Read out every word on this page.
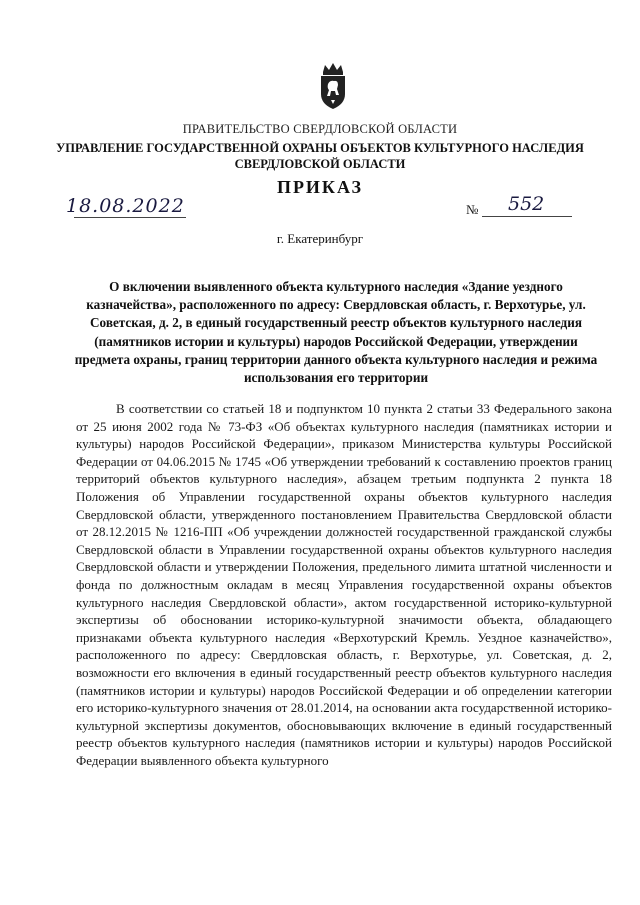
ПРАВИТЕЛЬСТВО СВЕРДЛОВСКОЙ ОБЛАСТИ
УПРАВЛЕНИЕ ГОСУДАРСТВЕННОЙ ОХРАНЫ ОБЪЕКТОВ КУЛЬТУРНОГО НАСЛЕДИЯ
СВЕРДЛОВСКОЙ ОБЛАСТИ
ПРИКАЗ
18.08.2022	№ 552
г. Екатеринбург
О включении выявленного объекта культурного наследия «Здание уездного казначейства», расположенного по адресу: Свердловская область, г. Верхотурье, ул. Советская, д. 2, в единый государственный реестр объектов культурного наследия (памятников истории и культуры) народов Российской Федерации, утверждении предмета охраны, границ территории данного объекта культурного наследия и режима использования его территории

В соответствии со статьей 18 и подпунктом 10 пункта 2 статьи 33 Федерального закона от 25 июня 2002 года № 73-ФЗ «Об объектах культурного наследия (памятниках истории и культуры) народов Российской Федерации», приказом Министерства культуры Российской Федерации от 04.06.2015 № 1745 «Об утверждении требований к составлению проектов границ территорий объектов культурного наследия», абзацем третьим подпункта 2 пункта 18 Положения об Управлении государственной охраны объектов культурного наследия Свердловской области, утвержденного постановлением Правительства Свердловской области от 28.12.2015 № 1216-ПП «Об учреждении должностей государственной гражданской службы Свердловской области в Управлении государственной охраны объектов культурного наследия Свердловской области и утверждении Положения, предельного лимита штатной численности и фонда по должностным окладам в месяц Управления государственной охраны объектов культурного наследия Свердловской области», актом государственной историко-культурной экспертизы об обосновании историко-культурной значимости объекта, обладающего признаками объекта культурного наследия «Верхотурский Кремль. Уездное казначейство», расположенного по адресу: Свердловская область, г. Верхотурье, ул. Советская, д. 2, возможности его включения в единый государственный реестр объектов культурного наследия (памятников истории и культуры) народов Российской Федерации и об определении категории его историко-культурного значения от 28.01.2014, на основании акта государственной историко-культурной экспертизы документов, обосновывающих включение в единый государственный реестр объектов культурного наследия (памятников истории и культуры) народов Российской Федерации выявленного объекта культурного
